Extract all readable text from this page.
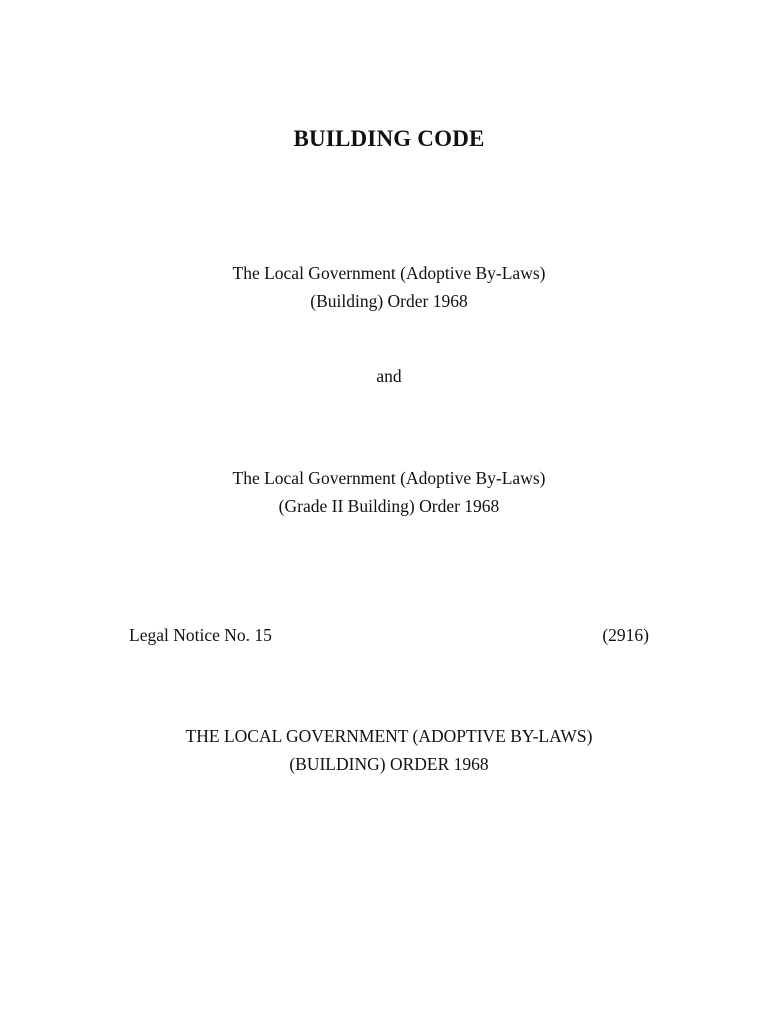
BUILDING CODE
The Local Government (Adoptive By-Laws)
(Building) Order 1968
and
The Local Government (Adoptive By-Laws)
(Grade II Building) Order 1968
Legal Notice No. 15	(2916)
THE LOCAL GOVERNMENT (ADOPTIVE BY-LAWS)
(BUILDING) ORDER 1968
